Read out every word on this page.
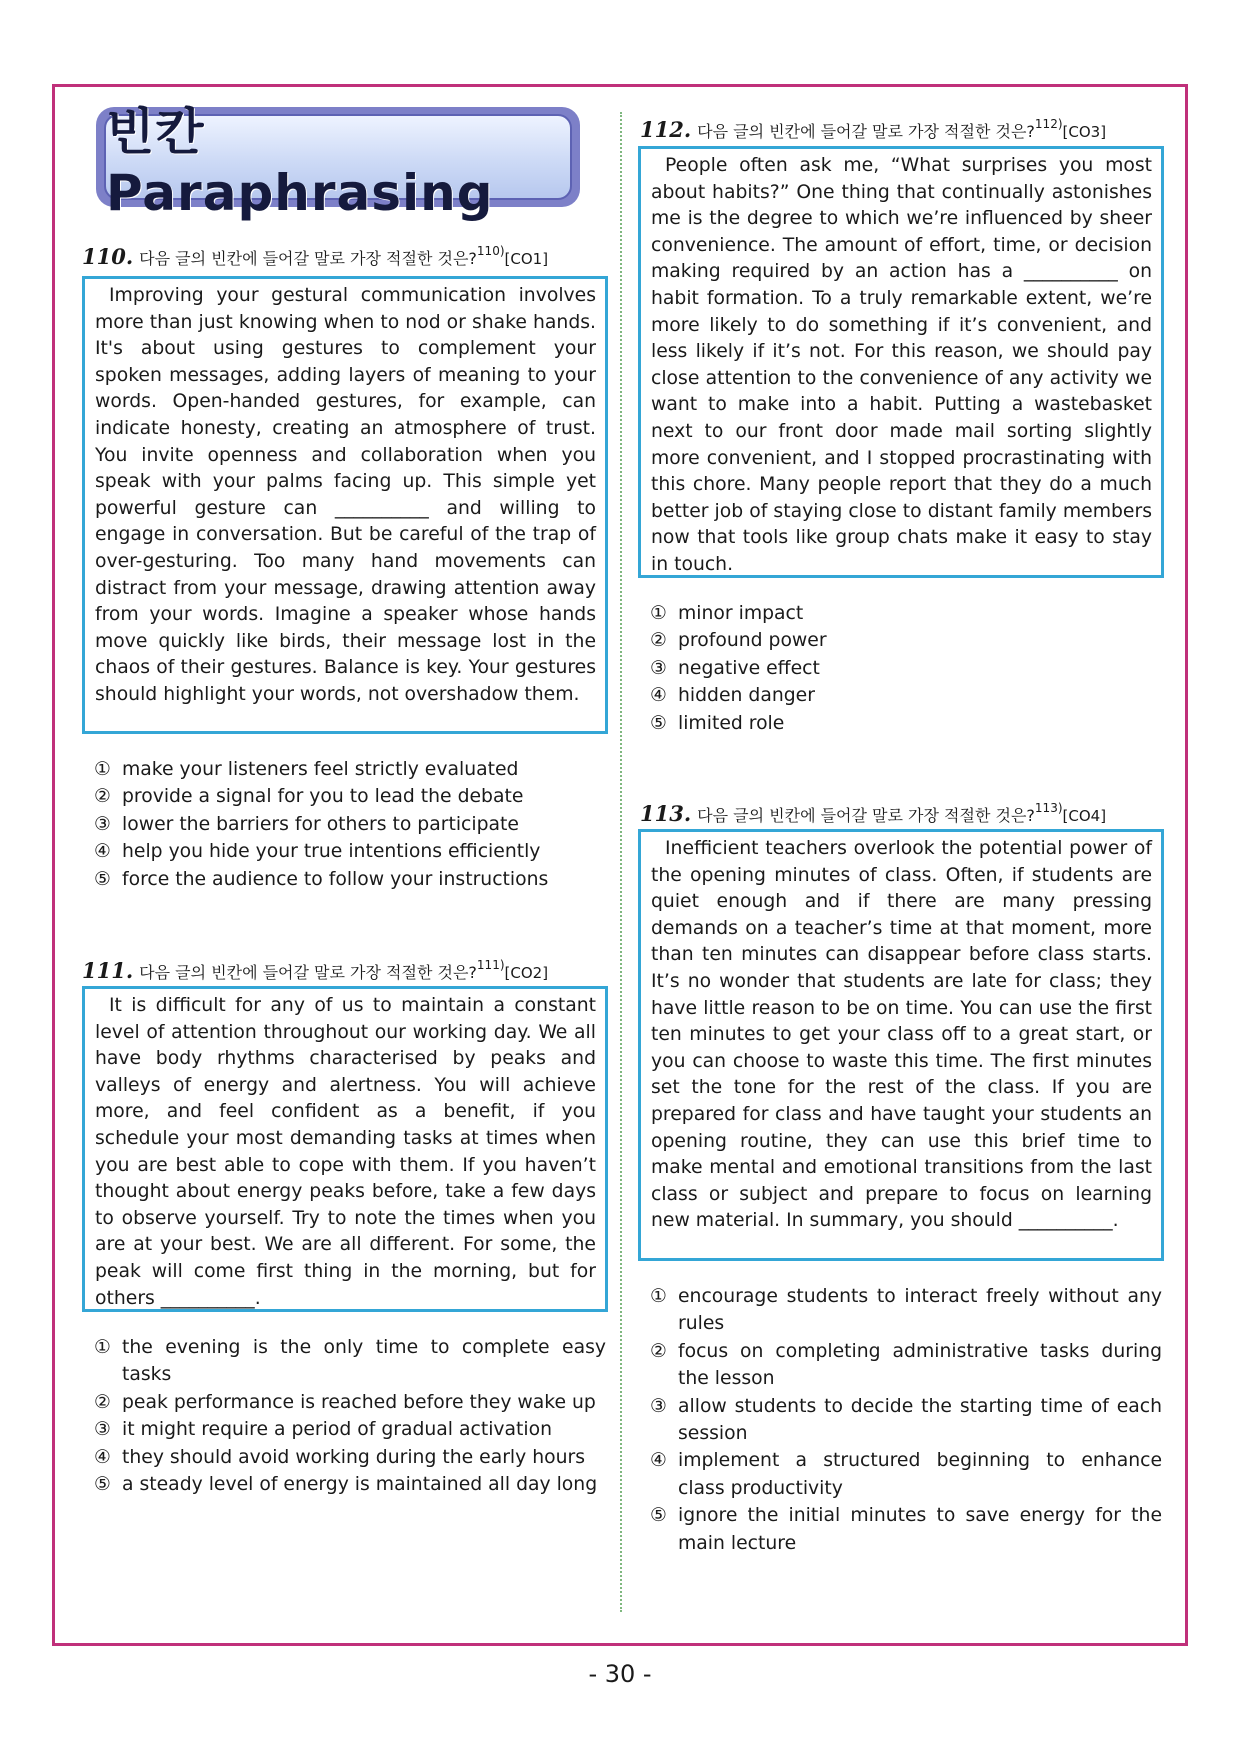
빈칸 Paraphrasing
110. 다음 글의 빈칸에 들어갈 말로 가장 적절한 것은?$^{110)}$[CO1]

Improving your gestural communication involves more than just knowing when to nod or shake hands. It's about using gestures to complement your spoken messages, adding layers of meaning to your words. Open-handed gestures, for example, can indicate honesty, creating an atmosphere of trust. You invite openness and collaboration when you speak with your palms facing up. This simple yet powerful gesture can __________ and willing to engage in conversation. But be careful of the trap of over-gesturing. Too many hand movements can distract from your message, drawing attention away from your words. Imagine a speaker whose hands move quickly like birds, their message lost in the chaos of their gestures. Balance is key. Your gestures should highlight your words, not overshadow them.

① make your listeners feel strictly evaluated
② provide a signal for you to lead the debate
③ lower the barriers for others to participate
④ help you hide your true intentions efficiently
⑤ force the audience to follow your instructions
111. 다음 글의 빈칸에 들어갈 말로 가장 적절한 것은?$^{111)}$[CO2]

It is difficult for any of us to maintain a constant level of attention throughout our working day. We all have body rhythms characterised by peaks and valleys of energy and alertness. You will achieve more, and feel confident as a benefit, if you schedule your most demanding tasks at times when you are best able to cope with them. If you haven’t thought about energy peaks before, take a few days to observe yourself. Try to note the times when you are at your best. We are all different. For some, the peak will come first thing in the morning, but for others __________.

① the evening is the only time to complete easy tasks
② peak performance is reached before they wake up
③ it might require a period of gradual activation
④ they should avoid working during the early hours
⑤ a steady level of energy is maintained all day long
112. 다음 글의 빈칸에 들어갈 말로 가장 적절한 것은?$^{112)}$[CO3]

People often ask me, “What surprises you most about habits?” One thing that continually astonishes me is the degree to which we’re influenced by sheer convenience. The amount of effort, time, or decision making required by an action has a __________ on habit formation. To a truly remarkable extent, we’re more likely to do something if it’s convenient, and less likely if it’s not. For this reason, we should pay close attention to the convenience of any activity we want to make into a habit. Putting a wastebasket next to our front door made mail sorting slightly more convenient, and I stopped procrastinating with this chore. Many people report that they do a much better job of staying close to distant family members now that tools like group chats make it easy to stay in touch.

① minor impact
② profound power
③ negative effect
④ hidden danger
⑤ limited role
113. 다음 글의 빈칸에 들어갈 말로 가장 적절한 것은?$^{113)}$[CO4]

Inefficient teachers overlook the potential power of the opening minutes of class. Often, if students are quiet enough and if there are many pressing demands on a teacher’s time at that moment, more than ten minutes can disappear before class starts. It’s no wonder that students are late for class; they have little reason to be on time. You can use the first ten minutes to get your class off to a great start, or you can choose to waste this time. The first minutes set the tone for the rest of the class. If you are prepared for class and have taught your students an opening routine, they can use this brief time to make mental and emotional transitions from the last class or subject and prepare to focus on learning new material. In summary, you should __________.

① encourage students to interact freely without any rules
② focus on completing administrative tasks during the lesson
③ allow students to decide the starting time of each session
④ implement a structured beginning to enhance class productivity
⑤ ignore the initial minutes to save energy for the main lecture
- 30 -
